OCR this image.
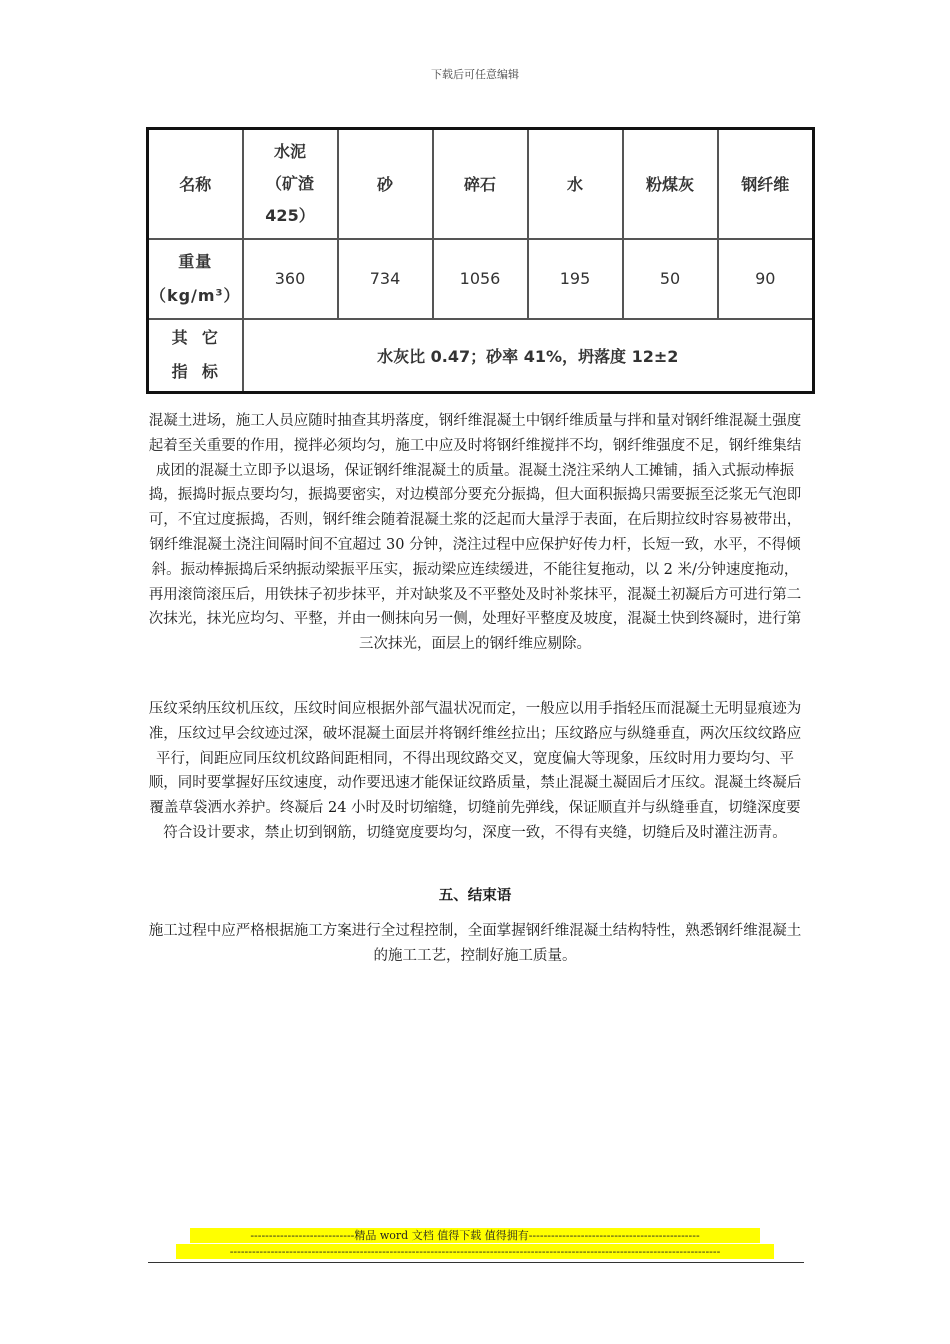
下载后可任意编辑
名称	水泥
（矿渣
425）	砂	碎石	水	粉煤灰	钢纤维

重量
（kg/m³）	360	734	1056	195	50	90

其  它
指  标	水灰比 0.47；砂率 41%，坍落度 12±2					
混凝土进场，施工人员应随时抽查其坍落度，钢纤维混凝土中钢纤维质量与拌和量对钢纤维混凝土强度起着至关重要的作用，搅拌必须均匀，施工中应及时将钢纤维搅拌不均，钢纤维强度不足，钢纤维集结成团的混凝土立即予以退场，保证钢纤维混凝土的质量。混凝土浇注采纳人工摊铺，插入式振动棒振捣，振捣时振点要均匀，振捣要密实，对边模部分要充分振捣，但大面积振捣只需要振至泛浆无气泡即可，不宜过度振捣，否则，钢纤维会随着混凝土浆的泛起而大量浮于表面，在后期拉纹时容易被带出，钢纤维混凝土浇注间隔时间不宜超过 30 分钟，浇注过程中应保护好传力杆，长短一致，水平，不得倾斜。振动棒振捣后采纳振动梁振平压实，振动梁应连续缓进，不能往复拖动，以 2 米/分钟速度拖动，再用滚筒滚压后，用铁抹子初步抹平，并对缺浆及不平整处及时补浆抹平，混凝土初凝后方可进行第二次抹光，抹光应均匀、平整，并由一侧抹向另一侧，处理好平整度及坡度，混凝土快到终凝时，进行第三次抹光，面层上的钢纤维应剔除。
压纹采纳压纹机压纹，压纹时间应根据外部气温状况而定，一般应以用手指轻压而混凝土无明显痕迹为准，压纹过早会纹迹过深，破坏混凝土面层并将钢纤维丝拉出；压纹路应与纵缝垂直，两次压纹纹路应平行，间距应同压纹机纹路间距相同，不得出现纹路交叉，宽度偏大等现象，压纹时用力要均匀、平顺，同时要掌握好压纹速度，动作要迅速才能保证纹路质量，禁止混凝土凝固后才压纹。混凝土终凝后覆盖草袋洒水养护。终凝后 24 小时及时切缩缝，切缝前先弹线，保证顺直并与纵缝垂直，切缝深度要符合设计要求，禁止切到钢筋，切缝宽度要均匀，深度一致，不得有夹缝，切缝后及时灌注沥青。
五、结束语
施工过程中应严格根据施工方案进行全过程控制，全面掌握钢纤维混凝土结构特性，熟悉钢纤维混凝土的施工工艺，控制好施工质量。
----------------------------精品 word 文档 值得下载 值得拥有----------------------------------------------
------------------------------------------------------------------------------------------------------------------------------------
